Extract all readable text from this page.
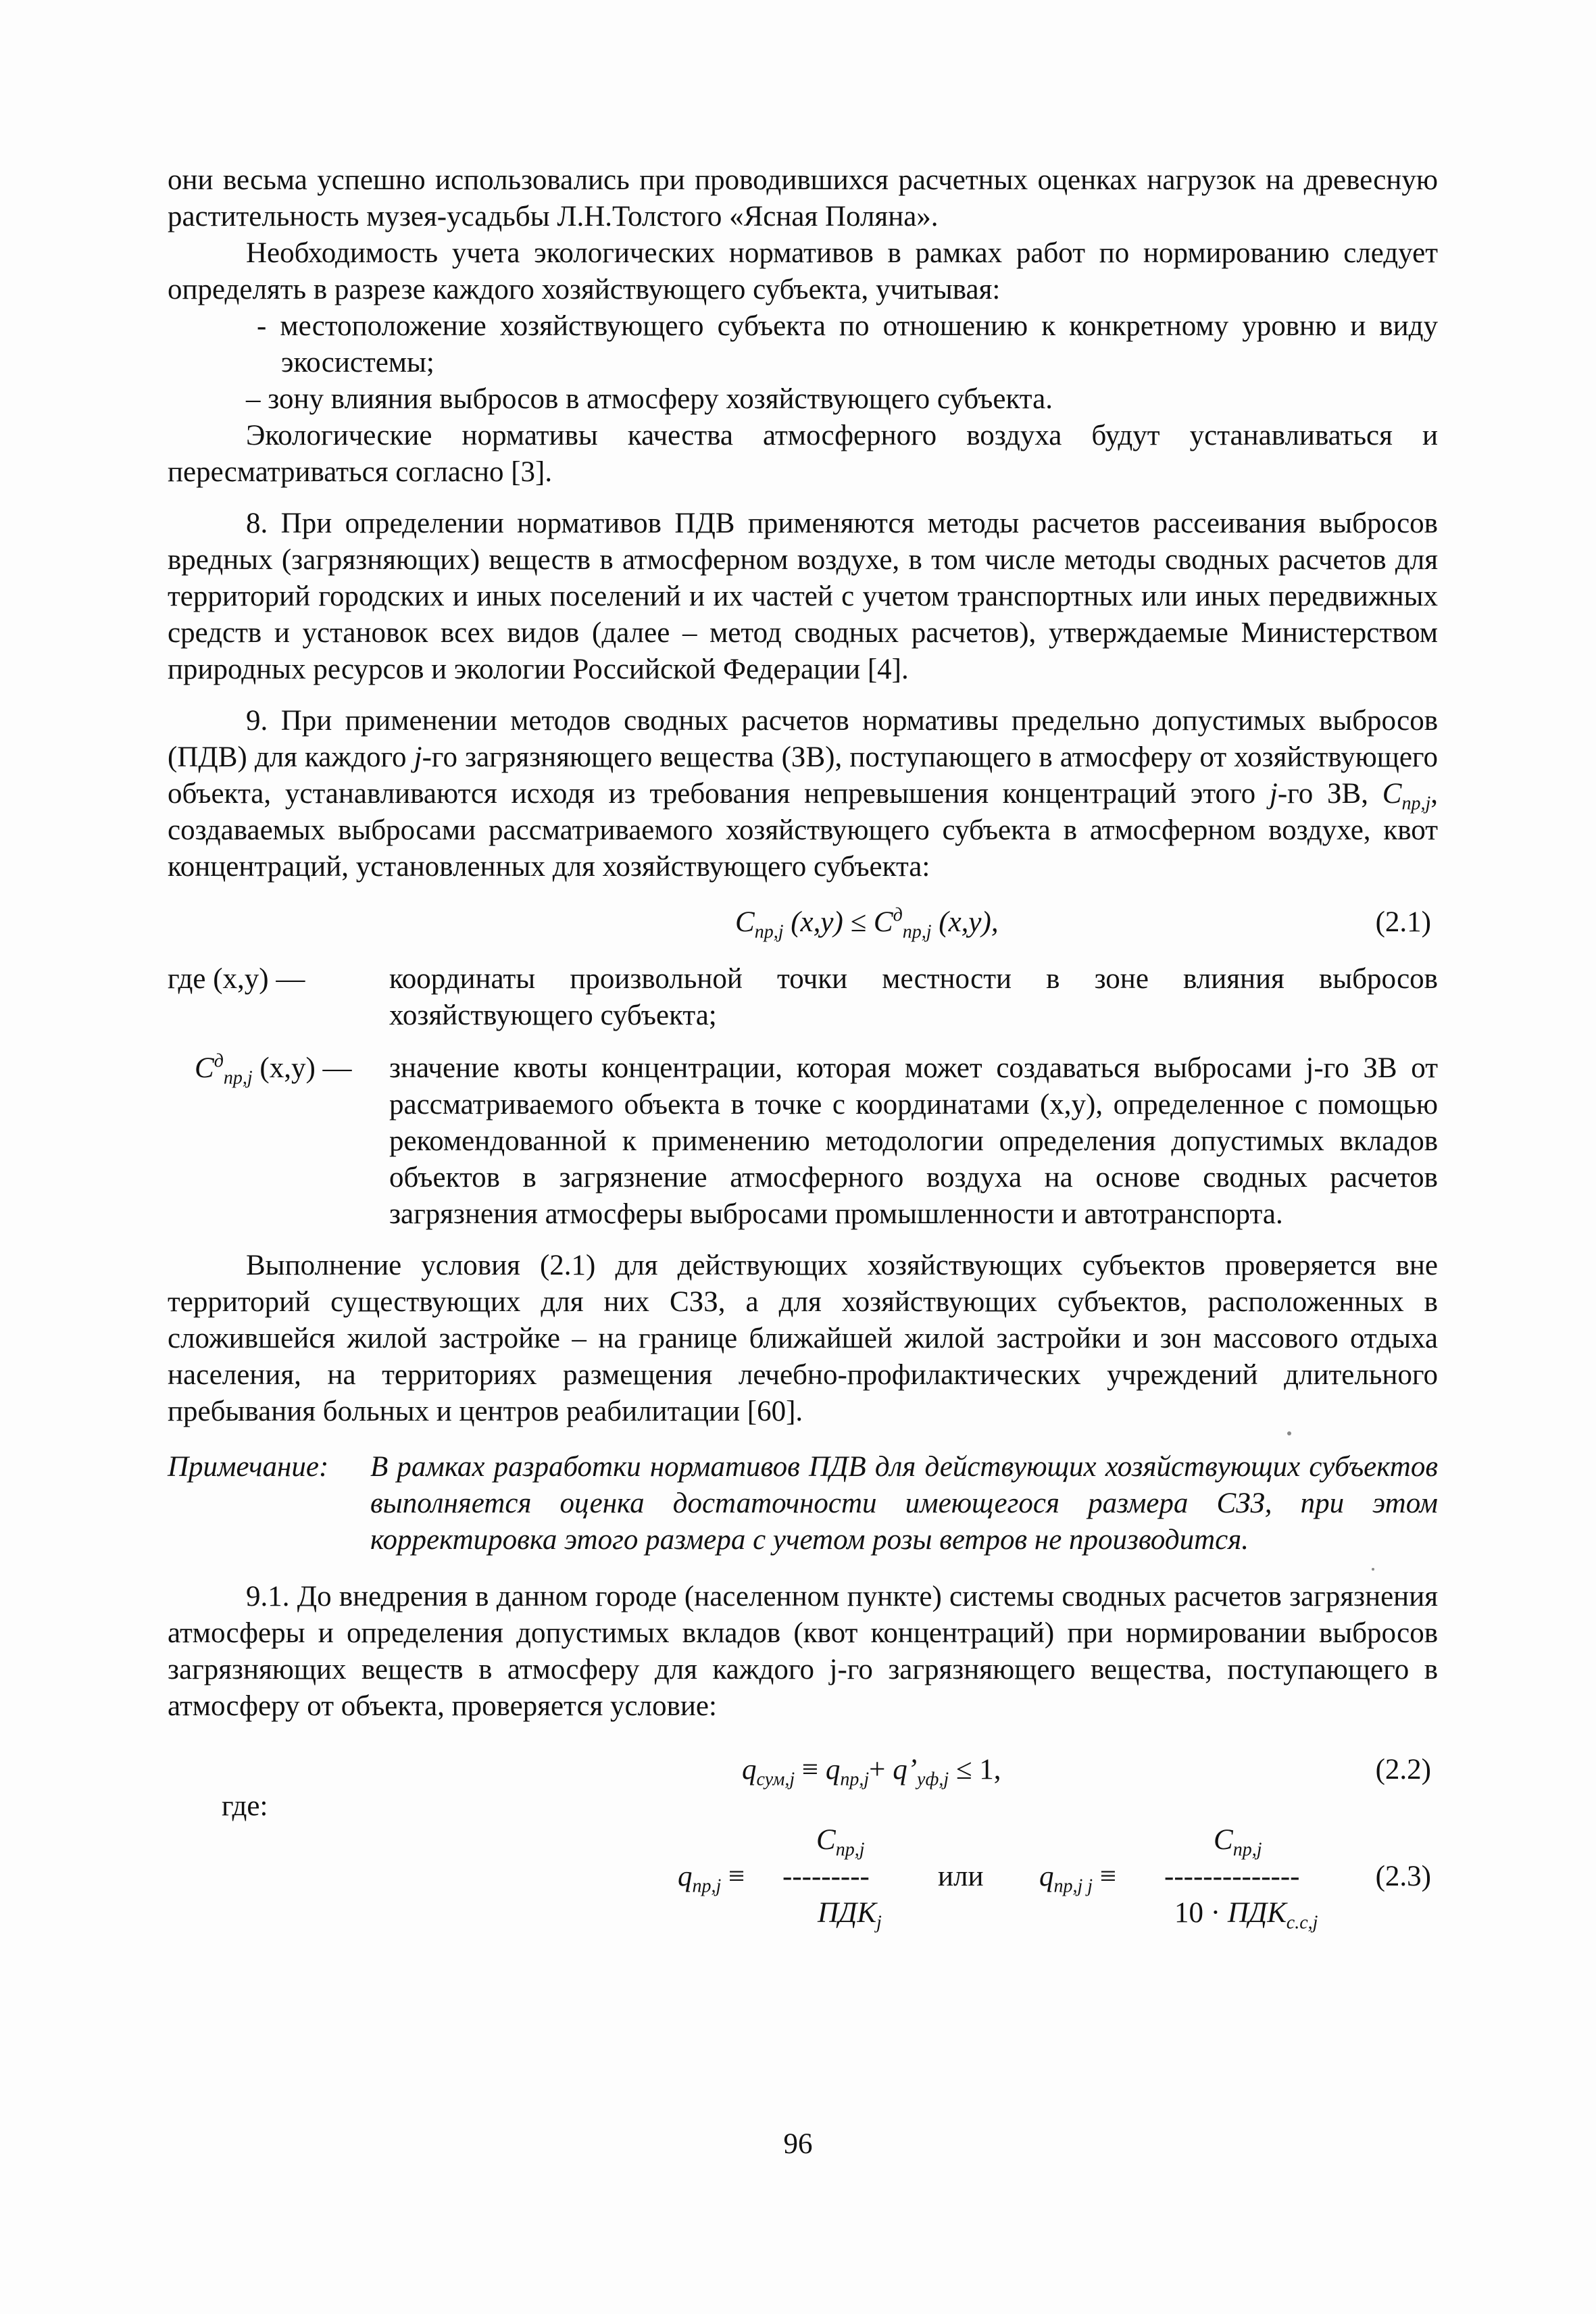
они весьма успешно использовались при проводившихся расчетных оценках нагрузок на древесную растительность музея-усадьбы Л.Н.Толстого «Ясная Поляна».

Необходимость учета экологических нормативов в рамках работ по нормированию следует определять в разрезе каждого хозяйствующего субъекта, учитывая:

- местоположение хозяйствующего субъекта по отношению к конкретному уровню и виду экосистемы;

– зону влияния выбросов в атмосферу хозяйствующего субъекта.

Экологические нормативы качества атмосферного воздуха будут устанавливаться и пересматриваться согласно [3].

8. При определении нормативов ПДВ применяются методы расчетов рассеивания выбросов вредных (загрязняющих) веществ в атмосферном воздухе, в том числе методы сводных расчетов для территорий городских и иных поселений и их частей с учетом транспортных или иных передвижных средств и установок всех видов (далее – метод сводных расчетов), утверждаемые Министерством природных ресурсов и экологии Российской Федерации [4].

9. При применении методов сводных расчетов нормативы предельно допустимых выбросов (ПДВ) для каждого j-го загрязняющего вещества (ЗВ), поступающего в атмосферу от хозяйствующего объекта, устанавливаются исходя из требования непревышения концентраций этого j-го ЗВ, $С_{пр,j}$, создаваемых выбросами рассматриваемого хозяйствующего субъекта в атмосферном воздухе, квот концентраций, установленных для хозяйствующего субъекта:

$С_{пр,j}$ $(x,y) \le С^д_{пр,j}$ (x,y),	(2.1)
где (x,y) —	координаты произвольной точки местности в зоне влияния выбросов хозяйствующего субъекта;

$С^д_{пр,j}$ (x,y) — значение квоты концентрации, которая может создаваться выбросами j-го ЗВ от рассматриваемого объекта в точке с координатами (x,y), определенное с помощью рекомендованной к применению методологии определения допустимых вкладов объектов в загрязнение атмосферного воздуха на основе сводных расчетов загрязнения атмосферы выбросами промышленности и автотранспорта.

Выполнение условия (2.1) для действующих хозяйствующих субъектов проверяется вне территорий существующих для них СЗЗ, а для хозяйствующих субъектов, расположенных в сложившейся жилой застройке – на границе ближайшей жилой застройки и зон массового отдыха населения, на территориях размещения лечебно-профилактических учреждений длительного пребывания больных и центров реабилитации [60].

Примечание: В рамках разработки нормативов ПДВ для действующих хозяйствующих субъектов выполняется оценка достаточности имеющегося размера СЗЗ, при этом корректировка этого размера с учетом розы ветров не производится.

9.1. До внедрения в данном городе (населенном пункте) системы сводных расчетов загрязнения атмосферы и определения допустимых вкладов (квот концентраций) при нормировании выбросов загрязняющих веществ в атмосферу для каждого j-го загрязняющего вещества, поступающего в атмосферу от объекта, проверяется условие:

$q_{сум,j} \equiv q_{пр,j}+$ $q’_{уф,j} \le 1$,	(2.2)
где:
$q_{пр,j}$ ≡
$С_{пр,j}$
---------
$ПДК_j$
или $q_{пр,j j}$ ≡
$С_{пр,j}$
--------------
$10 \cdot ПДК_{с.с,j}$
(2.3)
96
